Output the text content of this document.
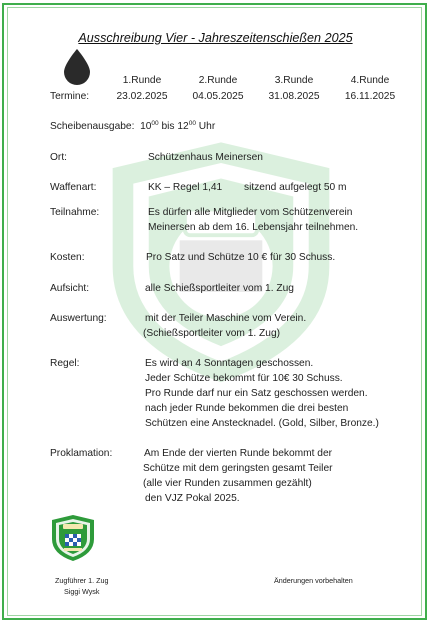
Ausschreibung Vier - Jahreszeitenschießen 2025
1.Runde	2.Runde	3.Runde	4.Runde
Termine:	23.02.2025	04.05.2025	31.08.2025	16.11.2025
Scheibenausgabe: $10^{00}$ bis $12^{00}$ Uhr
Ort:	Schützenhaus Meinersen
Waffenart:	KK – Regel 1,41 sitzend aufgelegt 50 m
Teilnahme:	Es dürfen alle Mitglieder vom Schützenverein
Meinersen ab dem 16. Lebensjahr teilnehmen.
Kosten:	Pro Satz und Schütze 10 € für 30 Schuss.
Aufsicht:	alle Schießsportleiter vom 1. Zug
Auswertung:	mit der Teiler Maschine vom Verein.
(Schießsportleiter vom 1. Zug)
Regel:	Es wird an 4 Sonntagen geschossen.
Jeder Schütze bekommt für 10€ 30 Schuss.
Pro Runde darf nur ein Satz geschossen werden.
nach jeder Runde bekommen die drei besten
Schützen eine Anstecknadel. (Gold, Silber, Bronze.)
Proklamation:	Am Ende der vierten Runde bekommt der
Schütze mit dem geringsten gesamt Teiler
(alle vier Runden zusammen gezählt)
den VJZ Pokal 2025.
Zugführer 1. Zug
Siggi Wysk
Änderungen vorbehalten
